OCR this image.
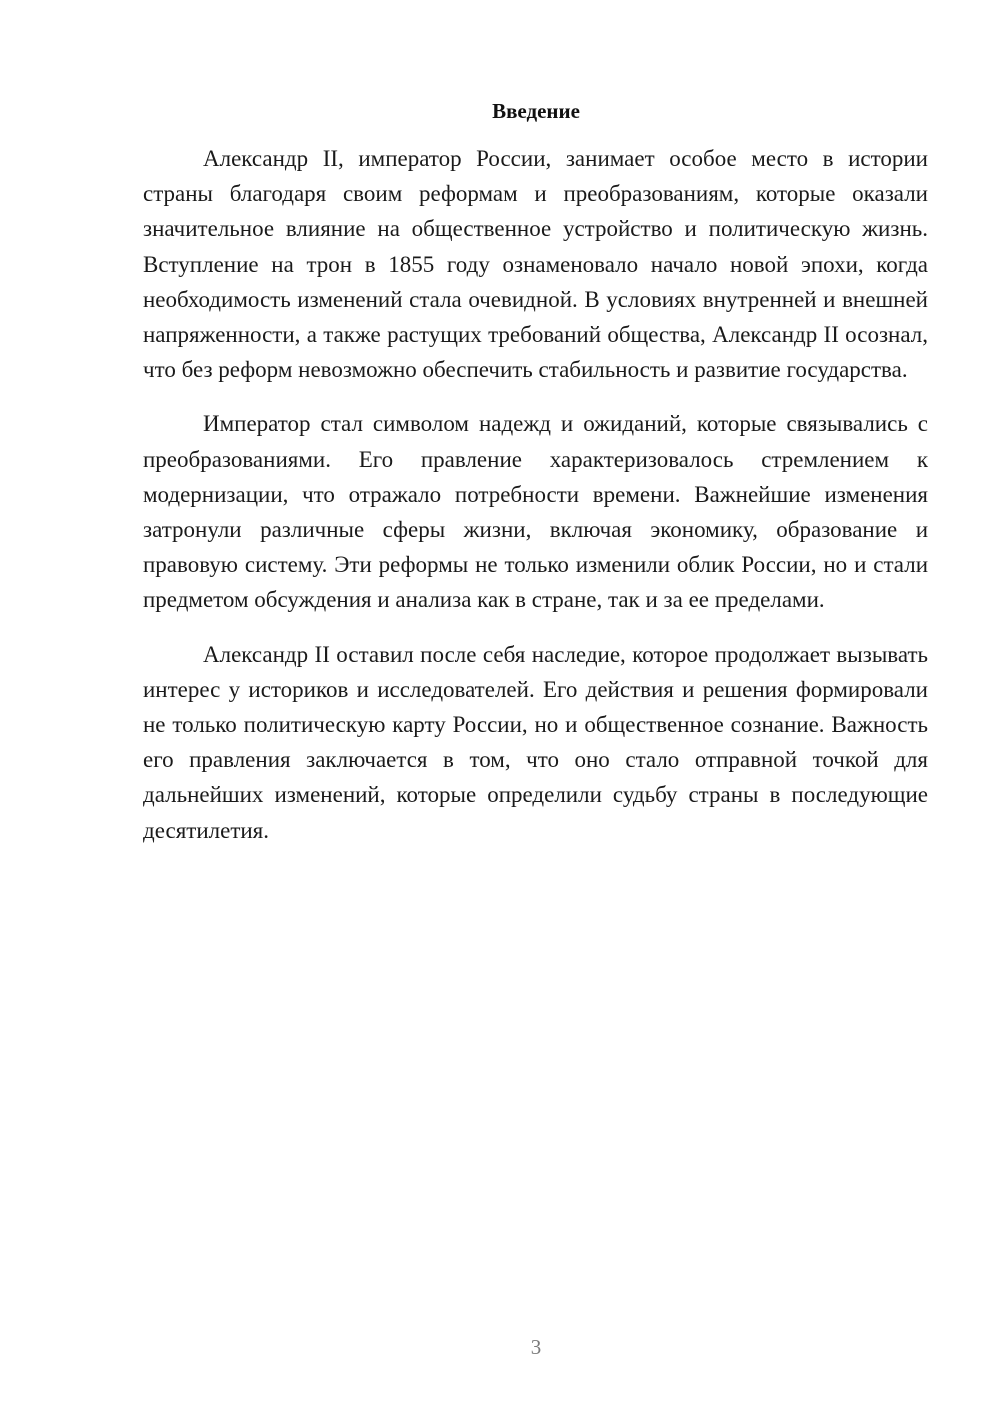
Введение

Александр II, император России, занимает особое место в истории страны благодаря своим реформам и преобразованиям, которые оказали значительное влияние на общественное устройство и политическую жизнь. Вступление на трон в 1855 году ознаменовало начало новой эпохи, когда необходимость изменений стала очевидной. В условиях внутренней и внешней напряженности, а также растущих требований общества, Александр II осознал, что без реформ невозможно обеспечить стабильность и развитие государства.

Император стал символом надежд и ожиданий, которые связывались с преобразованиями. Его правление характеризовалось стремлением к модернизации, что отражало потребности времени. Важнейшие изменения затронули различные сферы жизни, включая экономику, образование и правовую систему. Эти реформы не только изменили облик России, но и стали предметом обсуждения и анализа как в стране, так и за ее пределами.

Александр II оставил после себя наследие, которое продолжает вызывать интерес у историков и исследователей. Его действия и решения формировали не только политическую карту России, но и общественное сознание. Важность его правления заключается в том, что оно стало отправной точкой для дальнейших изменений, которые определили судьбу страны в последующие десятилетия.

3
